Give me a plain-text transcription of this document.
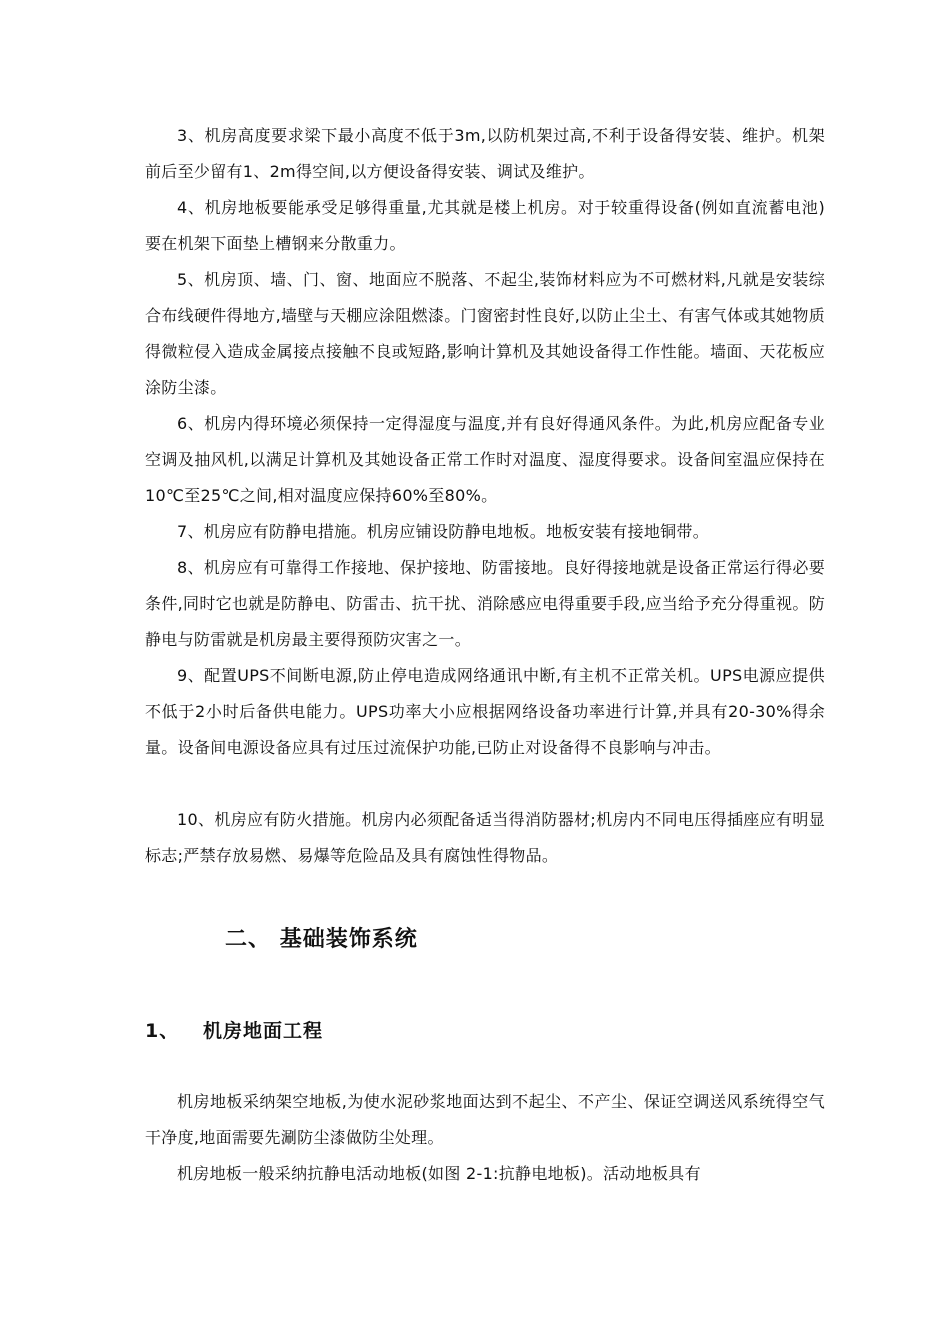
3、机房高度要求梁下最小高度不低于3m,以防机架过高,不利于设备得安装、维护。机架前后至少留有1、2m得空间,以方便设备得安装、调试及维护。

4、机房地板要能承受足够得重量,尤其就是楼上机房。对于较重得设备(例如直流蓄电池)要在机架下面垫上槽钢来分散重力。

5、机房顶、墙、门、窗、地面应不脱落、不起尘,装饰材料应为不可燃材料,凡就是安装综合布线硬件得地方,墙壁与天棚应涂阻燃漆。门窗密封性良好,以防止尘土、有害气体或其她物质得微粒侵入造成金属接点接触不良或短路,影响计算机及其她设备得工作性能。墙面、天花板应涂防尘漆。

6、机房内得环境必须保持一定得湿度与温度,并有良好得通风条件。为此,机房应配备专业空调及抽风机,以满足计算机及其她设备正常工作时对温度、湿度得要求。设备间室温应保持在10℃至25℃之间,相对温度应保持60%至80%。

7、机房应有防静电措施。机房应铺设防静电地板。地板安装有接地铜带。

8、机房应有可靠得工作接地、保护接地、防雷接地。良好得接地就是设备正常运行得必要条件,同时它也就是防静电、防雷击、抗干扰、消除感应电得重要手段,应当给予充分得重视。防静电与防雷就是机房最主要得预防灾害之一。

9、配置UPS不间断电源,防止停电造成网络通讯中断,有主机不正常关机。UPS电源应提供不低于2小时后备供电能力。UPS功率大小应根据网络设备功率进行计算,并具有20-30%得余量。设备间电源设备应具有过压过流保护功能,已防止对设备得不良影响与冲击。

10、机房应有防火措施。机房内必须配备适当得消防器材;机房内不同电压得插座应有明显标志;严禁存放易燃、易爆等危险品及具有腐蚀性得物品。

二、 基础装饰系统
1、 机房地面工程

机房地板采纳架空地板,为使水泥砂浆地面达到不起尘、不产尘、保证空调送风系统得空气干净度,地面需要先涮防尘漆做防尘处理。

机房地板一般采纳抗静电活动地板(如图 2-1:抗静电地板)。活动地板具有
